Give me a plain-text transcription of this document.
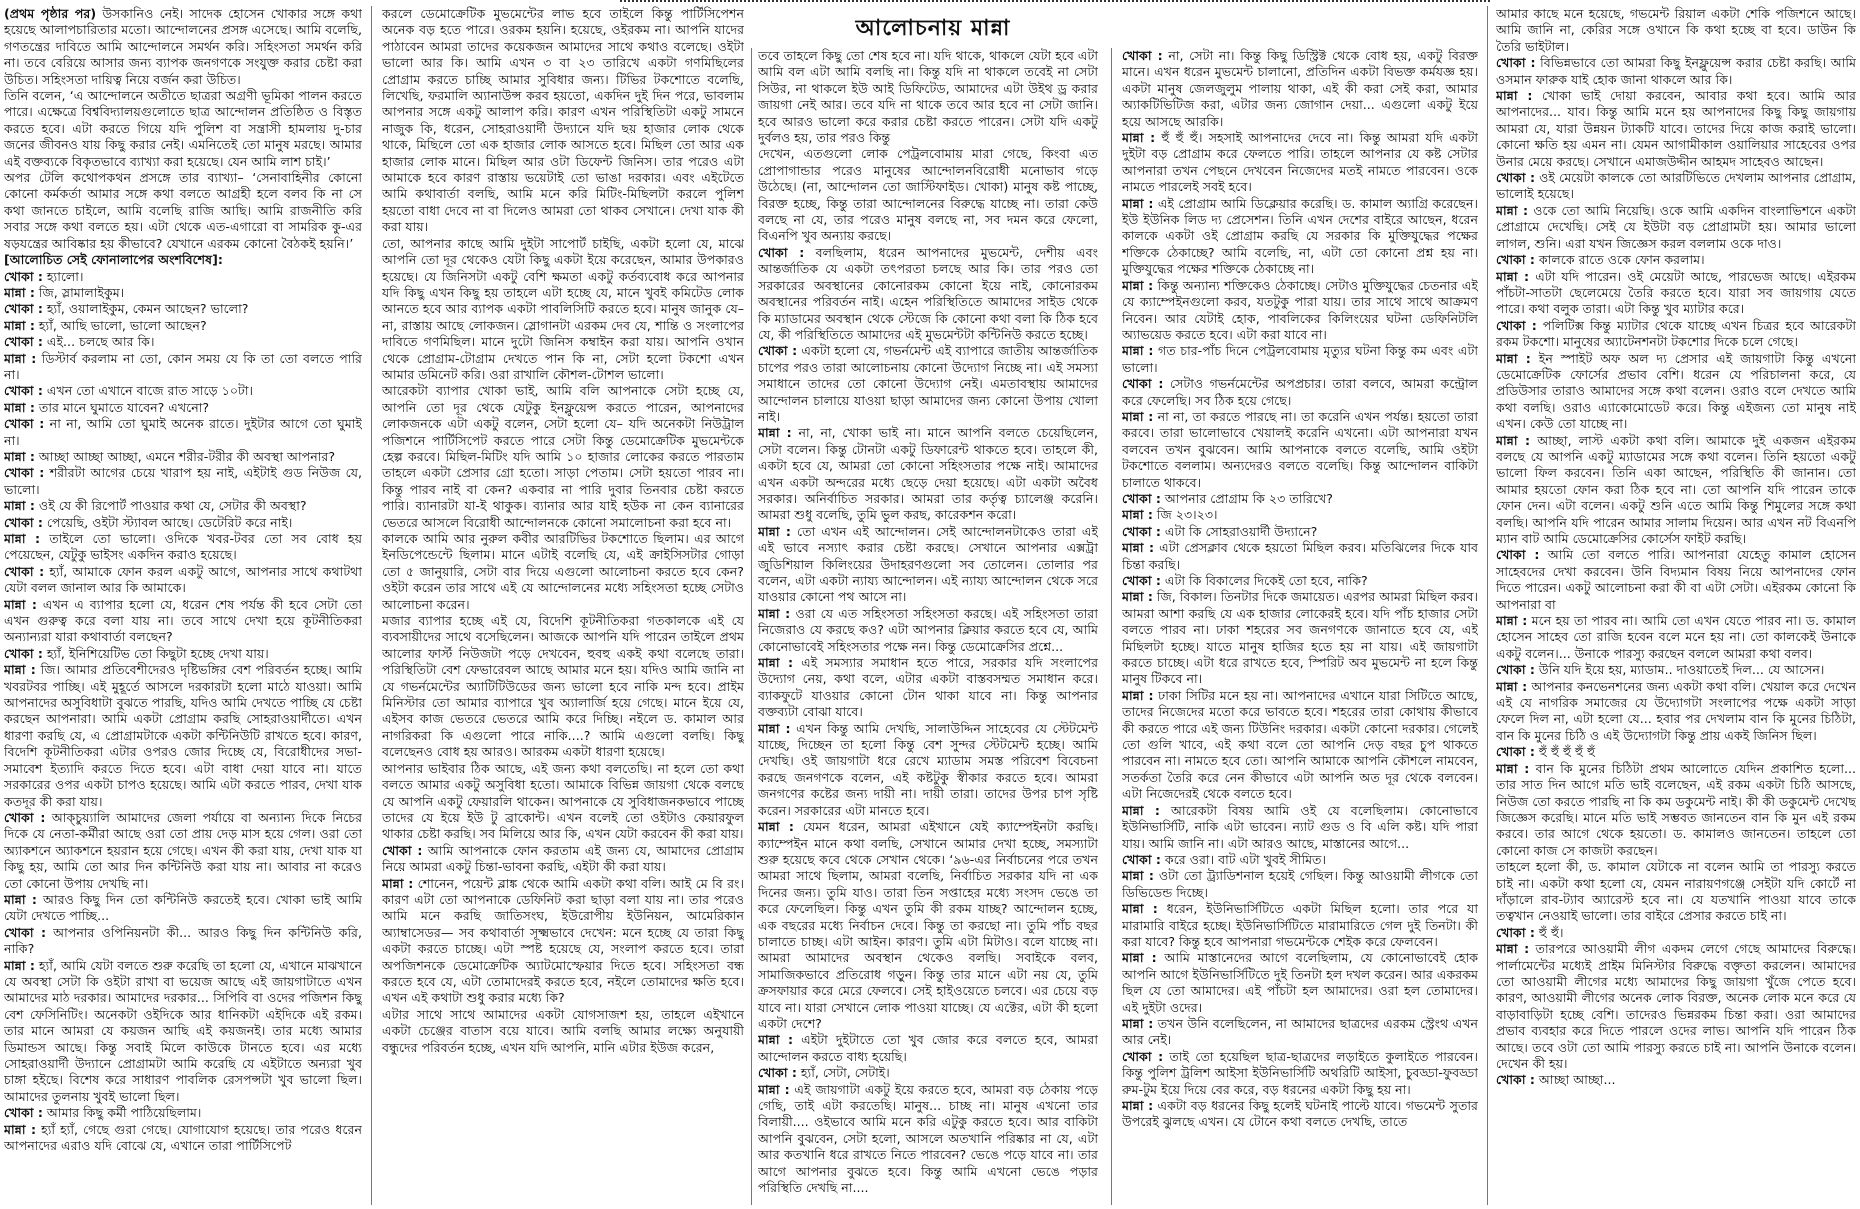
আলোচনায় মান্না

(প্রথম পৃষ্ঠার পর) উসকানিও নেই। সাদেক হোসেন খোকার সঙ্গে কথা হয়েছে আলাপচারিতার মতো। আন্দোলনের প্রসঙ্গ এসেছে। আমি বলেছি, গণতন্ত্রের দাবিতে আমি আন্দোলনে সমর্থন করি। সহিংসতা সমর্থন করি না। তবে বেরিয়ে আসার জন্য ব্যাপক জনগণকে সংযুক্ত করার চেষ্টা করা উচিত। সহিংসতা দায়িত্ব নিয়ে বর্জন করা উচিত।

তিনি বলেন, ‘এ আন্দোলনে অতীতে ছাত্ররা অগ্রণী ভূমিকা পালন করতে পারে। এক্ষেত্রে বিশ্ববিদ্যালয়গুলোতে ছাত্র আন্দোলন প্রতিষ্ঠিত ও বিস্তৃত করতে হবে। এটা করতে গিয়ে যদি পুলিশ বা সন্ত্রাসী হামলায় দু-চার জনের জীবনও যায় কিছু করার নেই। এমনিতেই তো মানুষ মরছে। আমার এই বক্তব্যকে বিকৃতভাবে ব্যাখ্যা করা হয়েছে। যেন আমি লাশ চাই।’

অপর টেলি কথোপকথন প্রসঙ্গে তার ব্যাখ্যা– ‘সেনাবাহিনীর কোনো কোনো কর্মকর্তা আমার সঙ্গে কথা বলতে আগ্রহী হলে বলব কি না সে কথা জানতে চাইলে, আমি বলেছি রাজি আছি। আমি রাজনীতি করি সবার সঙ্গে কথা বলতে হয়। এটা থেকে এত-এগারো বা সামরিক কু-এর ষড়যন্ত্রের আবিষ্কার হয় কীভাবে? যেখানে এরকম কোনো বৈঠকই হয়নি।’

[আলোচিত সেই ফোনালাপের অংশবিশেষ]:

খোকা : হ্যালো।

মান্না : জি, স্লামালাইকুম।

খোকা : হ্যাঁ, ওয়ালাইকুম, কেমন আছেন? ভালো?

মান্না : হ্যাঁ, আছি ভালো, ভালো আছেন?

খোকা : এই... চলছে আর কি।

মান্না : ডিস্টার্ব করলাম না তো, কোন সময় যে কি তা তো বলতে পারি না।

খোকা : এখন তো এখানে বাজে রাত সাড়ে ১০টা।

মান্না : তার মানে ঘুমাতে যাবেন? এখনো?

খোকা : না না, আমি তো ঘুমাই অনেক রাতে। দুইটার আগে তো ঘুমাই না।

মান্না : আচ্ছা আচ্ছা আচ্ছা, এমনে শরীর-টরীর কী অবস্থা আপনার?

খোকা : শরীরটা আগের চেয়ে খারাপ হয় নাই, এইটাই গুড নিউজ যে, ভালো।

মান্না : ওই যে কী রিপোর্ট পাওয়ার কথা যে, সেটার কী অবস্থা?

খোকা : পেয়েছি, ওইটা স্ট্যাবল আছে। ডেটেরিট করে নাই।

মান্না : তাইলে তো ভালো। ওদিকে খবর-টবর তো সব বোধ হয় পেয়েছেন, যেটুকু ভাইসং একদিন করাও হয়েছে।

খোকা : হ্যাঁ, আমাকে ফোন করল একটু আগে, আপনার সাথে কথাটথা যেটা বলল জানাল আর কি আমাকে।

মান্না : এখন এ ব্যাপার হলো যে, ধরেন শেষ পর্যন্ত কী হবে সেটা তো এখন গুরুত্ব করে বলা যায় না। তবে সাথে দেখা হয়ে কূটনীতিকরা অন্যান্যরা যারা কথাবার্তা বলছেন?

খোকা : হ্যাঁ, ইনিশিয়েটিভ তো কিছুটা হচ্ছে দেখা যায়।

মান্না : জি। আমার প্রতিবেশীদেরও দৃষ্টিভঙ্গির বেশ পরিবর্তন হচ্ছে। আমি খবরটবর পাচ্ছি। এই মুহূর্তে আসলে দরকারটা হলো মাঠে যাওয়া। আমি আপনাদের অসুবিধাটা বুঝতে পারছি, যদিও আমি দেখতে পাচ্ছি যে চেষ্টা করছেন আপনারা। আমি একটা প্রোগ্রাম করছি সোহরাওয়ার্দীতে। এখন ধারণা করছি যে, এ প্রোগ্রামটাকে একটা কন্টিনিউটি রাখতে হবে। কারণ, বিদেশি কূটনীতিকরা এটার ওপরও জোর দিচ্ছে যে, বিরোধীদের সভা-সমাবেশ ইত্যাদি করতে দিতে হবে। এটা বাধা দেয়া যাবে না। যাতে সরকারের ওপর একটা চাপও হয়েছে। আমি এটা করতে পারব, দেখা যাক কতদূর কী করা যায়।

খোকা : আক্চুয়্যালি আমাদের জেলা পর্যায়ে বা অন্যান্য দিকে নিচের দিকে যে নেতা-কর্মীরা আছে ওরা তো প্রায় দেড় মাস হয়ে গেল। ওরা তো অ্যাকশনে অ্যাকশনে হয়রান হয়ে গেছে। এখন কী করা যায়, দেখা যাক যা কিছু হয়, আমি তো আর দিন কন্টিনিউ করা যায় না। আবার না করেও তো কোনো উপায় দেখছি না।

মান্না : আরও কিছু দিন তো কন্টিনিউ করতেই হবে। খোকা ভাই আমি যেটা দেখতে পাচ্ছি...

খোকা : আপনার ওপিনিয়নটা কী... আরও কিছু দিন কন্টিনিউ করি, নাকি?

মান্না : হ্যাঁ, আমি যেটা বলতে শুরু করেছি তা হলো যে, এখানে মাঝখানে যে অবস্থা সেটা কি ওইটা রাখা বা ভয়েজ আছে এই জায়গাটাতে এখন আমাদের মাঠ দরকার। আমাদের দরকার... সিপিবি বা ওদের পজিশন কিছু বেশ ফেসিনিটিং। অনেকটা ওইদিকে আর ধানিকটা এইদিকে এই রকম। তার মানে আমরা যে কয়জন আছি এই কয়জনই। তার মধ্যে আমার ডিমান্ডস আছে। কিন্তু সবাই মিলে কাউকে টানতে হবে। এর মধ্যে সোহরাওয়ার্দী উদ্যানে প্রোগ্রামটা আমি করেছি যে এইটাতে অন্যরা খুব চাঙ্গা হইছে। বিশেষ করে সাধারণ পাবলিক রেসপন্সটা খুব ভালো ছিল। আমাদের তুলনায় খুবই ভালো ছিল।

খোকা : আমার কিছু কর্মী পাঠিয়েছিলাম।

মান্না : হ্যাঁ হ্যাঁ, গেছে গুরা গেছে। যোগাযোগ হয়েছে। তার পরেও ধরেন আপনাদের এরাও যদি বোঝে যে, এখানে তারা পার্টিসিপেট

করলে ডেমোক্রেটিক মুভমেন্টের লাভ হবে তাইলে কিন্তু পার্টিসিপেশন অনেক বড় হতে পারে। ওরকম হয়নি। হয়েছে, ওইরকম না। আপনি যাদের পাঠাবেন আমরা তাদের কয়েকজন আমাদের সাথে কথাও বলেছে। ওইটা ভালো আর কি। আমি এখন ৩ বা ২৩ তারিখে একটা গণমিছিলের প্রোগ্রাম করতে চাচ্ছি আমার সুবিধার জন্য। টিভির টকশোতে বলেছি, লিখেছি, ফরমালি অ্যানাউন্স করব হয়তো, একদিন দুই দিন পরে, ভাবলাম আপনার সঙ্গে একটু আলাপ করি। কারণ এখন পরিস্থিতিটা একটু সামনে নাজুক কি, ধরেন, সোহরাওয়ার্দী উদ্যানে যদি ছয় হাজার লোক থেকে থাকে, মিছিলে তো এক হাজার লোক আসতে হবে। মিছিল তো আর এক হাজার লোক মানে। মিছিল আর ওটা ডিফেন্ট জিনিস। তার পরেও এটা আমাকে হবে কারণ রাস্তায় ভয়েটাই তো ভাঙা দরকার। এবং এইটেতে আমি কথাবার্তা বলছি, আমি মনে করি মিটিং-মিছিলটা করলে পুলিশ হয়তো বাধা দেবে না বা দিলেও আমরা তো থাকব সেখানে। দেখা যাক কী করা যায়।

তো, আপনার কাছে আমি দুইটা সাপোর্ট চাইছি, একটা হলো যে, মাঝে আপনি তো দূর থেকেও যেটা কিছু একটা ইয়ে করেছেন, আমার উপকারও হয়েছে। যে জিনিসটা একটু বেশি ক্ষমতা একটু কর্তব্যবোধ করে আপনার যদি কিছু এখন কিছু হয় তাহলে এটা হচ্ছে যে, মানে খুবই কমিটেড লোক আনতে হবে আর ব্যাপক একটা পাবলিসিটি করতে হবে। মানুষ জানুক যে– না, রাস্তায় আছে লোকজন। স্লোগানটা এরকম দেব যে, শান্তি ও সংলাপের দাবিতে গণমিছিল। মানে দুটো জিনিস কম্বাইন করা যায়। আপনি ওখান থেকে প্রোগ্রাম-টোগ্রাম দেখতে পান কি না, সেটা হলো টকশো এখন আমার ডমিনেট করি। ওরা রাখালি কৌশল-টোশল ভালো।

আরেকটা ব্যাপার খোকা ভাই, আমি বলি আপনাকে সেটা হচ্ছে যে, আপনি তো দূর থেকে যেটুকু ইনফ্লুয়েন্স করতে পারেন, আপনাদের লোকজনকে এটা একটু বলেন, সেটা হলো যে– যদি অনেকটা নিউট্রাল পজিশনে পার্টিসিপেট করতে পারে সেটা কিন্তু ডেমোক্রেটিক মুভমেন্টকে হেল্প করবে। মিছিল-মিটিং যদি আমি ১০ হাজার লোকের করতে পারতাম তাহলে একটা প্রেসার গ্রো হতো। সাড়া পেতাম। সেটা হয়তো পারব না। কিন্তু পারব নাই বা কেন? একবার না পারি দুবার তিনবার চেষ্টা করতে পারি। ব্যানারটা যা-ই থাকুক। ব্যানার আর যাই হউক না কেন ব্যানারের ভেতরে আসলে বিরোধী আন্দোলনকে কোনো সমালোচনা করা হবে না।

কালকে আমি আর নুরুল কবীর আরটিভির টকশোতে ছিলাম। এর আগে ইনডিপেন্ডেন্টে ছিলাম। মানে এটাই বলেছি যে, এই ক্রাইসিসটার গোড়া তো ৫ জানুয়ারি, সেটা বার দিয়ে এগুলো আলোচনা করতে হবে কেন? ওইটা করেন তার সাথে এই যে আন্দোলনের মধ্যে সহিংসতা হচ্ছে সেটাও আলোচনা করেন।

মজার ব্যাপার হচ্ছে এই যে, বিদেশি কূটনীতিকরা গতকালকে এই যে ব্যবসায়ীদের সাথে বসেছিলেন। আজকে আপনি যদি পারেন তাইলে প্রথম আলোর ফার্স্ট নিউজটা পড়ে দেখবেন, হুবহু একই কথা বলেছে তারা। পরিস্থিতিটা বেশ ফেভারেবল আছে আমার মনে হয়। যদিও আমি জানি না যে গভর্নমেন্টের অ্যাটিটিউডের জন্য ভালো হবে নাকি মন্দ হবে। প্রাইম মিনিস্টার তো আমার ব্যাপারে খুব অ্যালার্জি হয়ে গেছে। মানে ইয়ে যে, এইসব কাজ ভেতরে ভেতরে আমি করে দিচ্ছি। নইলে ড. কামাল আর নাগরিকরা কি এগুলো পারে নাকি....? আমি এগুলো বলছি। কিছু বলেছেনও বোধ হয় আরও। আরকম একটা ধারণা হয়েছে।

আপনার ভাইবার ঠিক আছে, এই জন্য কথা বলতেছি। না হলে তো কথা বলতে আমার একটু অসুবিধা হতো। আমাকে বিভিন্ন জায়গা থেকে বলছে যে আপনি একটু ফেয়ারলি থাকেন। আপনাকে যে সুবিধাজনকভাবে পাচ্ছে তাদের যে ইয়ে ইউ টু ব্রাকোন্ট। এখন বলেই তো ওইটাও কেয়ারফুল থাকার চেষ্টা করছি। সব মিলিয়ে আর কি, এখন যেটা করবেন কী করা যায়।

খোকা : আমি আপনাকে ফোন করতাম এই জন্য যে, আমাদের প্রোগ্রাম নিয়ে আমরা একটু চিন্তা-ভাবনা করছি, এইটা কী করা যায়।

মান্না : শোনেন, পয়েন্ট ব্লাঙ্ক থেকে আমি একটা কথা বলি। আই মে বি রং। কারণ এটা তো আপনাকে ডেফিনিট করা ছাড়া বলা যায় না। তার পরেও আমি মনে করছি জাতিসংঘ, ইউরোপীয় ইউনিয়ন, আমেরিকান অ্যাম্বাসেডর— সব কথাবার্তা সূক্ষ্মভাবে দেখেন: মনে হচ্ছে যে তারা কিছু একটা করতে চাচ্ছে। এটা স্পষ্ট হয়েছে যে, সংলাপ করতে হবে। তারা অপজিশনকে ডেমোক্রেটিক অ্যাটমোস্ফেয়ার দিতে হবে। সহিংসতা বন্ধ করতে হবে যে, এটা তোমাদেরই করতে হবে, নইলে তোমাদের ক্ষতি হবে। এখন এই কথাটা শুধু করার মধ্যে কি?

এটার সাথে সাথে আমাদের একটা যোগসাজশ হয়, তাহলে এইখানে একটা চেঞ্জের বাতাস বয়ে যাবে। আমি বলছি আমার লক্ষ্যে অনুযায়ী বন্ধুদের পরিবর্তন হচ্ছে, এখন যদি আপনি, মানি এটার ইউজ করেন,

তবে তাহলে কিছু তো শেষ হবে না। যদি থাকে, থাকলে যেটা হবে এটা আমি বল এটা আমি বলছি না। কিন্তু যদি না থাকলে তবেই না সেটা সিউর, না থাকলে ইউ আই ডিফিটেড, আমাদের এটা উইথ ড্র করার জায়গা নেই আর। তবে যদি না থাকে তবে আর হবে না সেটা জানি। হবে আরও ভালো করে করার চেষ্টা করতে পারেন। সেটা যদি একটু দুর্বলও হয়, তার পরও কিন্তু

দেখেন, এতগুলো লোক পেট্রলবোমায় মারা গেছে, কিংবা এত প্রোপাগান্ডার পরেও মানুষের আন্দোলনবিরোধী মনোভাব গড়ে উঠেছে। (না, আন্দোলন তো জাস্টিফাইড। খোকা) মানুষ কষ্ট পাচ্ছে, বিরক্ত হচ্ছে, কিন্তু তারা আন্দোলনের বিরুদ্ধে যাচ্ছে না। তারা কেউ বলছে না যে, তার পরেও মানুষ বলছে না, সব দমন করে ফেলো, বিএনপি খুব অন্যায় করছে।

খোকা : বলছিলাম, ধরেন আপনাদের মুভমেন্ট, দেশীয় এবং আন্তর্জাতিক যে একটা তৎপরতা চলছে আর কি। তার পরও তো সরকারের অবস্থানের কোনোরকম কোনো ইয়ে নাই, কোনোরকম অবস্থানের পরিবর্তন নাই। এহেন পরিস্থিতিতে আমাদের সাইড থেকে কি ম্যাডামের অবস্থান থেকে স্টেজে কি কোনো কথা বলা কি ঠিক হবে যে, কী পরিস্থিতিতে আমাদের এই মুভমেন্টটা কন্টিনিউ করতে হচ্ছে।

খোকা : একটা হলো যে, গভর্নমেন্ট এই ব্যাপারে জাতীয় আন্তর্জাতিক চাপের পরও তারা আলোচনায় কোনো উদ্যোগ নিচ্ছে না। এই সমস্যা সমাধানে তাদের তো কোনো উদ্যোগ নেই। এমতাবস্থায় আমাদের আন্দোলন চালায়ে যাওয়া ছাড়া আমাদের জন্য কোনো উপায় খোলা নাই।

মান্না : না, না, খোকা ভাই না। মানে আপনি বলতে চেয়েছিলেন, সেটা বলেন। কিন্তু টোনটা একটু ডিফারেন্ট থাকতে হবে। তাহলে কী, একটা হবে যে, আমরা তো কোনো সহিংসতার পক্ষে নাই। আমাদের এখন একটা অন্দরের মধ্যে ছেড়ে দেয়া হয়েছে। এটা একটা অবৈধ সরকার। অনির্বাচিত সরকার। আমরা তার কর্তৃত্ব চ্যালেঞ্জ করেনি। আমরা শুধু বলেছি, তুমি ভুল করছ, কারেকশন করো।

মান্না : তো এখন এই আন্দোলন। সেই আন্দোলনটাকেও তারা এই এই ভাবে নস্যাৎ করার চেষ্টা করছে। সেখানে আপনার এক্সট্রা জুডিশিয়াল কিলিংয়ের উদাহরণগুলো সব তোলেন। তোলার পর বলেন, এটা একটা ন্যায্য আন্দোলন। এই ন্যায্য আন্দোলন থেকে সরে যাওয়ার কোনো পথ আসে না।

মান্না : ওরা যে এত সহিংসতা সহিংসতা করছে। এই সহিংসতা তারা নিজেরাও যে করছে কও? এটা আপনার ক্লিয়ার করতে হবে যে, আমি কোনোভাবেই সহিংসতার পক্ষে নন। কিন্তু ডেমোক্রেসির প্রশ্নে...

মান্না : এই সমস্যার সমাধান হতে পারে, সরকার যদি সংলাপের উদ্যোগ নেয়, কথা বলে, এটার একটা বাস্তবসম্মত সমাধান করে। ব্যাকফুটে যাওয়ার কোনো টোন থাকা যাবে না। কিন্তু আপনার বক্তব্যটা বোঝা যাবে।

মান্না : এখন কিন্তু আমি দেখছি, সালাউদ্দিন সাহেবের যে স্টেটমেন্ট যাচ্ছে, দিচ্ছেন তা হলো কিন্তু বেশ সুন্দর স্টেটমেন্ট হচ্ছে। আমি দেখছি। ওই জায়গাটা ধরে রেখে ম্যাডাম সমস্ত পরিবেশ বিবেচনা করছে জনগণকে বলেন, এই কষ্টটুকু স্বীকার করতে হবে। আমরা জনগণের কষ্টের জন্য দায়ী না। দায়ী তারা। তাদের উপর চাপ সৃষ্টি করেন। সরকারের এটা মানতে হবে।

মান্না : যেমন ধরেন, আমরা এইখানে যেই ক্যাম্পেইনটা করছি। ক্যাম্পেইন মানে কথা বলছি, সেখানে আমার দেখা হচ্ছে, সমস্যাটা শুরু হয়েছে কবে থেকে সেখান থেকে। ‘৯৬-এর নির্বাচনের পরে তখন আমরা সাথে ছিলাম, আমরা বলেছি, নির্বাচিত সরকার যদি না এক দিনের জন্য। তুমি যাও। তারা তিন সপ্তাহের মধ্যে সংসদ ভেঙে তা করে ফেলেছিল। কিন্তু এখন তুমি কী রকম যাচ্ছ? আন্দোলন হচ্ছে, এক বছরের মধ্যে নির্বাচন দেবে। কিন্তু তা করছো না। তুমি পাঁচ বছর চালাতে চাচ্ছ। এটা আইন। কারণ। তুমি এটা মিটাও। বলে যাচ্ছে না। আমরা আমাদের অবস্থান থেকেও বলছি। সবাইকে বলব, সামাজিকভাবে প্রতিরোধ গড়ুন। কিন্তু তার মানে এটা নয় যে, তুমি ক্রসফায়ার করে মেরে ফেলবে। সেই হাইওয়েতে চলবে। এর চেয়ে বড় যাবে না। যারা সেখানে লোক পাওয়া যাচ্ছে। যে এক্টের, এটা কী হলো একটা দেশে?

মান্না : এইটা দুইটাতে তো খুব জোর করে বলতে হবে, আমরা আন্দোলন করতে বাধ্য হয়েছি।

খোকা : হ্যাঁ, সেটা, সেটাই।

মান্না : এই জায়গাটা একটু ইয়ে করতে হবে, আমরা বড় ঠেকায় পড়ে গেছি, তাই এটা করতেছি। মানুষ... চাচ্ছ না। মানুষ এখনো তার বিলায়ী.... ওইভাবে আমি মনে করি এটুকু করতে হবে। আর বাকিটা আপনি বুঝবেন, সেটা হলো, আসলে অতখানি পরিষ্কার না যে, এটা আর কতখানি ধরে রাখতে নিতে পারবেন? ভেঙে পড়ে যাবে না। তার আগে আপনার বুঝতে হবে। কিন্তু আমি এখনো ভেঙে পড়ার পরিস্থিতি দেখছি না....

খোকা : না, সেটা না। কিন্তু কিছু ডিস্ট্রিক্ট থেকে বোধ হয়, একটু বিরক্ত মানে। এখন ধরেন মুভমেন্ট চালানো, প্রতিদিন একটা বিভক্ত কর্মযজ্ঞ হয়। একটা মানুষ জেলজুলুম পালায় থাকা, এই কী করা সেই করা, আমার অ্যাকটিভিটিজ করা, এটার জন্য জোগান দেয়া... এগুলো একটু ইয়ে হয়ে আসছে আরকি।

মান্না : হুঁ হুঁ হুঁ। সহসাই আপনাদের দেবে না। কিন্তু আমরা যদি একটা দুইটা বড় প্রোগ্রাম করে ফেলতে পারি। তাহলে আপনার যে কষ্ট সেটার আপনারা তখন পেছনে দেখবেন নিজেদের মতই নামতে পারবেন। ওকে নামতে পারলেই সবই হবে।

মান্না : এই প্রোগ্রাম আমি ডিক্লেয়ার করেছি। ড. কামাল অ্যাগ্রি করেছেন। ইউ ইউনিক লিড দ্য প্রেসেশন। তিনি এখন দেশের বাইরে আছেন, ধরেন কালকে একটা ওই প্রোগ্রাম করছি যে সরকার কি মুক্তিযুদ্ধের পক্ষের শক্তিকে ঠেকাচ্ছে? আমি বলেছি, না, এটা তো কোনো প্রশ্ন হয় না। মুক্তিযুদ্ধের পক্ষের শক্তিকে ঠেকাচ্ছে না।

মান্না : কিন্তু অন্যান্য শক্তিকেও ঠেকাচ্ছে। সেটাও মুক্তিযুদ্ধের চেতনার এই যে ক্যাম্পেইনগুলো করব, যতটুকু পারা যায়। তার সাথে সাথে আক্রমণ নিবেন। আর যেটাই হোক, পাবলিকের কিলিংয়ের ঘটনা ডেফিনিটলি অ্যাভয়েড করতে হবে। এটা করা যাবে না।

মান্না : গত চার-পাঁচ দিনে পেট্রলবোমায় মৃত্যুর ঘটনা কিন্তু কম এবং এটা ভালো।

খোকা : সেটাও গভর্নমেন্টের অপপ্রচার। তারা বলবে, আমরা কন্ট্রোল করে ফেলেছি। সব ঠিক হয়ে গেছে।

মান্না : না না, তা করতে পারছে না। তা করেনি এখন পর্যন্ত। হয়তো তারা করবে। তারা ভালোভাবে খেয়ালই করেনি এখনো। এটা আপনারা যখন বলবেন তখন বুঝবেন। আমি আপনাকে বলতে বলেছি, আমি ওইটা টকশোতে বললাম। অন্যদেরও বলতে বলেছি। কিন্তু আন্দোলন বাকিটা চালাতে থাকবে।

খোকা : আপনার প্রোগ্রাম কি ২৩ তারিখে?

মান্না : জি ২৩।২৩।

খোকা : এটা কি সোহরাওয়ার্দী উদ্যানে?

মান্না : এটা প্রেসক্লাব থেকে হয়তো মিছিল করব। মতিঝিলের দিকে যাব চিন্তা করছি।

খোকা : এটা কি বিকালের দিকেই তো হবে, নাকি?

মান্না : জি, বিকাল। তিনটার দিকে জমায়েত। এরপর আমরা মিছিল করব। আমরা আশা করছি যে এক হাজার লোকেরই হবে। যদি পাঁচ হাজার সেটা বলতে পারব না। ঢাকা শহরের সব জনগণকে জানাতে হবে যে, এই মিছিলটা হচ্ছে। যাতে মানুষ হাজির হতে হয় না যায়। এই জায়গাটা করতে চাচ্ছে। এটা ধরে রাখতে হবে, স্পিরিট অব মুভমেন্ট না হলে কিন্তু মানুষ টিকবে না।

মান্না : ঢাকা সিটির মনে হয় না। আপনাদের এখানে যারা সিটিতে আছে, তাদের নিজেদের মতো করে ভাবতে হবে। শহরের তারা কোথায় কীভাবে কী করতে পারে এই জন্য টিউনিং দরকার। একটা কোনো দরকার। গেলেই তো গুলি খাবে, এই কথা বলে তো আপনি দেড় বছর চুপ থাকতে পারবেন না। নামতে হবে তো। আপনি আমাকে আপনি কৌশলে নামবেন, সতর্কতা তৈরি করে নেন কীভাবে এটা আপনি অত দূর থেকে বলবেন। এটা নিজেদেরই থেকে বলতে হবে।

মান্না : আরেকটা বিষয় আমি ওই যে বলেছিলাম। কোনোভাবে ইউনিভার্সিটি, নাকি এটা ভাবেন। ন্যাট গুড ও বি এলি কষ্ট। যদি পারা যায়। আমি জানি না। এটা আরও আছে, মাস্তানের আগে...

খোকা : করে ওরা। বাট এটা খুবই সীমিত।

মান্না : ওটা তো ট্র্যাডিশনাল হয়েই গেছিল। কিন্তু আওয়ামী লীগকে তো ডিভিডেন্ড দিচ্ছে।

মান্না : ধরেন, ইউনিভার্সিটিতে একটা মিছিল হলো। তার পরে যা মারামারি বাইরে হচ্ছে। ইউনিভার্সিটিতে মারামারিতে গেল দুই তিনটা। কী করা যাবে? কিন্তু হবে আপনারা গভমেন্টকে শেইক করে ফেলবেন।

মান্না : আমি মাস্তানেদের আগে বলেছিলাম, যে কোনোভাবেই হোক আপনি আগে ইউনিভার্সিটিতে দুই তিনটা হল দখল করেন। আর একরকম ছিল যে তো আমাদের। এই পাঁচটা হল আমাদের। ওরা হল তোমাদের। এই দুইটা ওদের।

মান্না : তখন উনি বলেছিলেন, না আমাদের ছাত্রদের এরকম স্ট্রেংথ এখন আর নেই।

খোকা : তাই তো হয়েছিল ছাত্র-ছাত্রদের লড়াইতে কুলাইতে পারবেন। কিন্তু পুলিশ ট্রলিশ আইসা ইউনিভার্সিটি অথরিটি আইসা, চুবড্ডা-ফুবড্ডা রুম-টুম ইয়ে দিয়ে বের করে, বড় ধরনের একটা কিছু হয় না।

মান্না : একটা বড় ধরনের কিছু হলেই ঘটনাই পাল্টে যাবে। গভমেন্ট সুতার উপরেই ঝুলছে এখন। যে টোনে কথা বলতে দেখছি, তাতে

আমার কাছে মনে হয়েছে, গভমেন্ট রিয়াল একটা শেকি পজিশনে আছে। আমি জানি না, কেরির সঙ্গে ওখানে কি কথা হচ্ছে বা হবে। ডাউন কি তৈরি ভাইটাল।

খোকা : বিভিন্নভাবে তো আমরা কিছু ইনফ্লুয়েন্স করার চেষ্টা করছি। আমি ওসমান ফারুক যাই হোক জানা থাকলে আর কি।

মান্না : খোকা ভাই দোয়া করবেন, আবার কথা হবে। আমি আর আপনাদের... যাব। কিন্তু আমি মনে হয় আপনাদের কিছু কিছু জায়গায় আমরা যে, যারা উন্নয়ন ট্যাকটি যাবে। তাদের দিয়ে কাজ করাই ভালো। কোনো ক্ষতি হয় এমন না। যেমন আগামীকাল ওয়ালিয়ার সাহেবের ওপর উনার মেয়ে করছে। সেখানে এমাজউদ্দীন আহমদ সাহেবও আছেন।

খোকা : ওই মেয়েটা কালকে তো আরটিভিতে দেখলাম আপনার প্রোগ্রাম, ভালোই হয়েছে।

মান্না : ওকে তো আমি নিয়েছি। ওকে আমি একদিন বাংলাভিশনে একটা প্রোগ্রামে দেখেছি। সেই যে ইউটা বড় প্রোগ্রামটা হয়। আমার ভালো লাগল, শুনি। এরা যখন জিজ্ঞেস করল বললাম ওকে দাও।

খোকা : কালকে রাতে ওকে ফোন করলাম।

মান্না : এটা যদি পারেন। ওই মেয়েটা আছে, পারভেজ আছে। এইরকম পাঁচটা-সাতটা ছেলেমেয়ে তৈরি করতে হবে। যারা সব জায়গায় যেতে পারে। কথা বলুক তারা। এটা কিন্তু খুব ম্যাটার করে।

খোকা : পলিটিক্স কিন্তু ম্যাটার থেকে যাচ্ছে এখন চিত্রর হবে আরেকটা রকম টকশো। মানুষের অ্যাটেনশনটা টকশোর দিকে চলে গেছে।

মান্না : ইন স্পাইট অফ অল দ্য প্রেসার এই জায়গাটা কিন্তু এখনো ডেমোক্রেটিক ফোর্সের প্রভাব বেশি। ধরেন যে পরিচালনা করে, যে প্রডিউসার তারাও আমাদের সঙ্গে কথা বলেন। ওরাও বলে দেখতে আমি কথা বলছি। ওরাও এ্যাকোমোডেট করে। কিন্তু এইজন্য তো মানুষ নাই এখন। কেউ তো যাচ্ছে না।

মান্না : আচ্ছা, লাস্ট একটা কথা বলি। আমাকে দুই একজন এইরকম বলছে যে আপনি একটু ম্যাডামের সঙ্গে কথা বলেন। তিনি হয়তো একটু ভালো ফিল করবেন। তিনি একা আছেন, পরিস্থিতি কী জানান। তো আমার হয়তো ফোন করা ঠিক হবে না। তো আপনি যদি পারেন তাকে ফোন দেন। এটা বলেন। একটু শুনি এতে আমি কিন্তু শিমুলের সঙ্গে কথা বলছি। আপনি যদি পারেন আমার সালাম দিয়েন। আর এখন নট বিএনপি ম্যান বাট আমি ডেমোক্রেসির কোর্সেস ফাইট করছি।

খোকা : আমি তো বলতে পারি। আপনারা যেহেতু কামাল হোসেন সাহেবদের দেখা করবেন। উনি বিদ্যমান বিষয় নিয়ে আপনাদের ফোন দিতে পারেন। একটু আলোচনা করা কী বা এটা সেটা। এইরকম কোনো কি আপনারা বা

মান্না : মনে হয় তা পারব না। আমি তো এখন যেতে পারব না। ড. কামাল হোসেন সাহেব তো রাজি হবেন বলে মনে হয় না। তো কালকেই উনাকে একটু বলেন।... উনাকে পারস্যু করছেন বললে আমরা কথা বলব।

খোকা : উনি যদি ইয়ে হয়, ম্যাডাম.. দাওয়াতেই দিল... যে আসেন।

মান্না : আপনার কনভেনশনের জন্য একটা কথা বলি। খেয়াল করে দেখেন এই যে নাগরিক সমাজের যে উদ্যোগটা সংলাপের পক্ষে একটা সাড়া ফেলে দিল না, এটা হলো যে... হবার পর দেখলাম বান কি মুনের চিঠিটা, বান কি মুনের চিঠি ও এই উদ্যোগটা কিন্তু প্রায় একই জিনিস ছিল।

খোকা : হুঁ হুঁ হুঁ হুঁ হুঁ

মান্না : বান কি মুনের চিঠিটা প্রথম আলোতে যেদিন প্রকাশিত হলো... তার সাত দিন আগে মতি ভাই বলেছেন, এই রকম একটা চিঠি আসছে, নিউজ তো করতে পারছি না কি কম ডকুমেন্ট নাই। কী কী ডকুমেন্ট দেখেছ জিজ্ঞেস করেছি। মানে মতি ভাই সম্ভবত জানতেন বান কি মুন এই রকম করবে। তার আগে থেকে হয়তো। ড. কামালও জানতেন। তাহলে তো কোনো কাজ সে কাজটা করছেন।

তাহলে হলো কী, ড. কামাল যেটাকে না বলেন আমি তা পারস্যু করতে চাই না। একটা কথা হলো যে, যেমন নারায়ণগঞ্জে সেইটা যদি কোর্টে না দাঁড়ালে রাব-ট্যাব অ্যারেস্ট হবে না। যে যতখানি পাওয়া যাবে তাকে তত্বখান নেওয়াই ভালো। তার বাইরে প্রেসার করতে চাই না।

খোকা : হুঁ হুঁ।

মান্না : তারপরে আওয়ামী লীগ একদম লেগে গেছে আমাদের বিরুদ্ধে। পার্লামেন্টের মধ্যেই প্রাইম মিনিস্টার বিরুদ্ধে বক্তৃতা করলেন। আমাদের তো আওয়ামী লীগের মধ্যে আমাদের কিছু জায়গা খুঁজে পেতে হবে। কারণ, আওয়ামী লীগের অনেক লোক বিরক্ত, অনেক লোক মনে করে যে বাড়াবাড়িটা হচ্ছে বেশি। তাদেরও ভিন্নরকম চিন্তা করা। ওরা আমাদের প্রভাব ব্যবহার করে দিতে পারলে ওদের লাভ। আপনি যদি পারেন ঠিক আছে। তবে ওটা তো আমি পারস্যু করতে চাই না। আপনি উনাকে বলেন। দেখেন কী হয়।

খোকা : আচ্ছা আচ্ছা...
